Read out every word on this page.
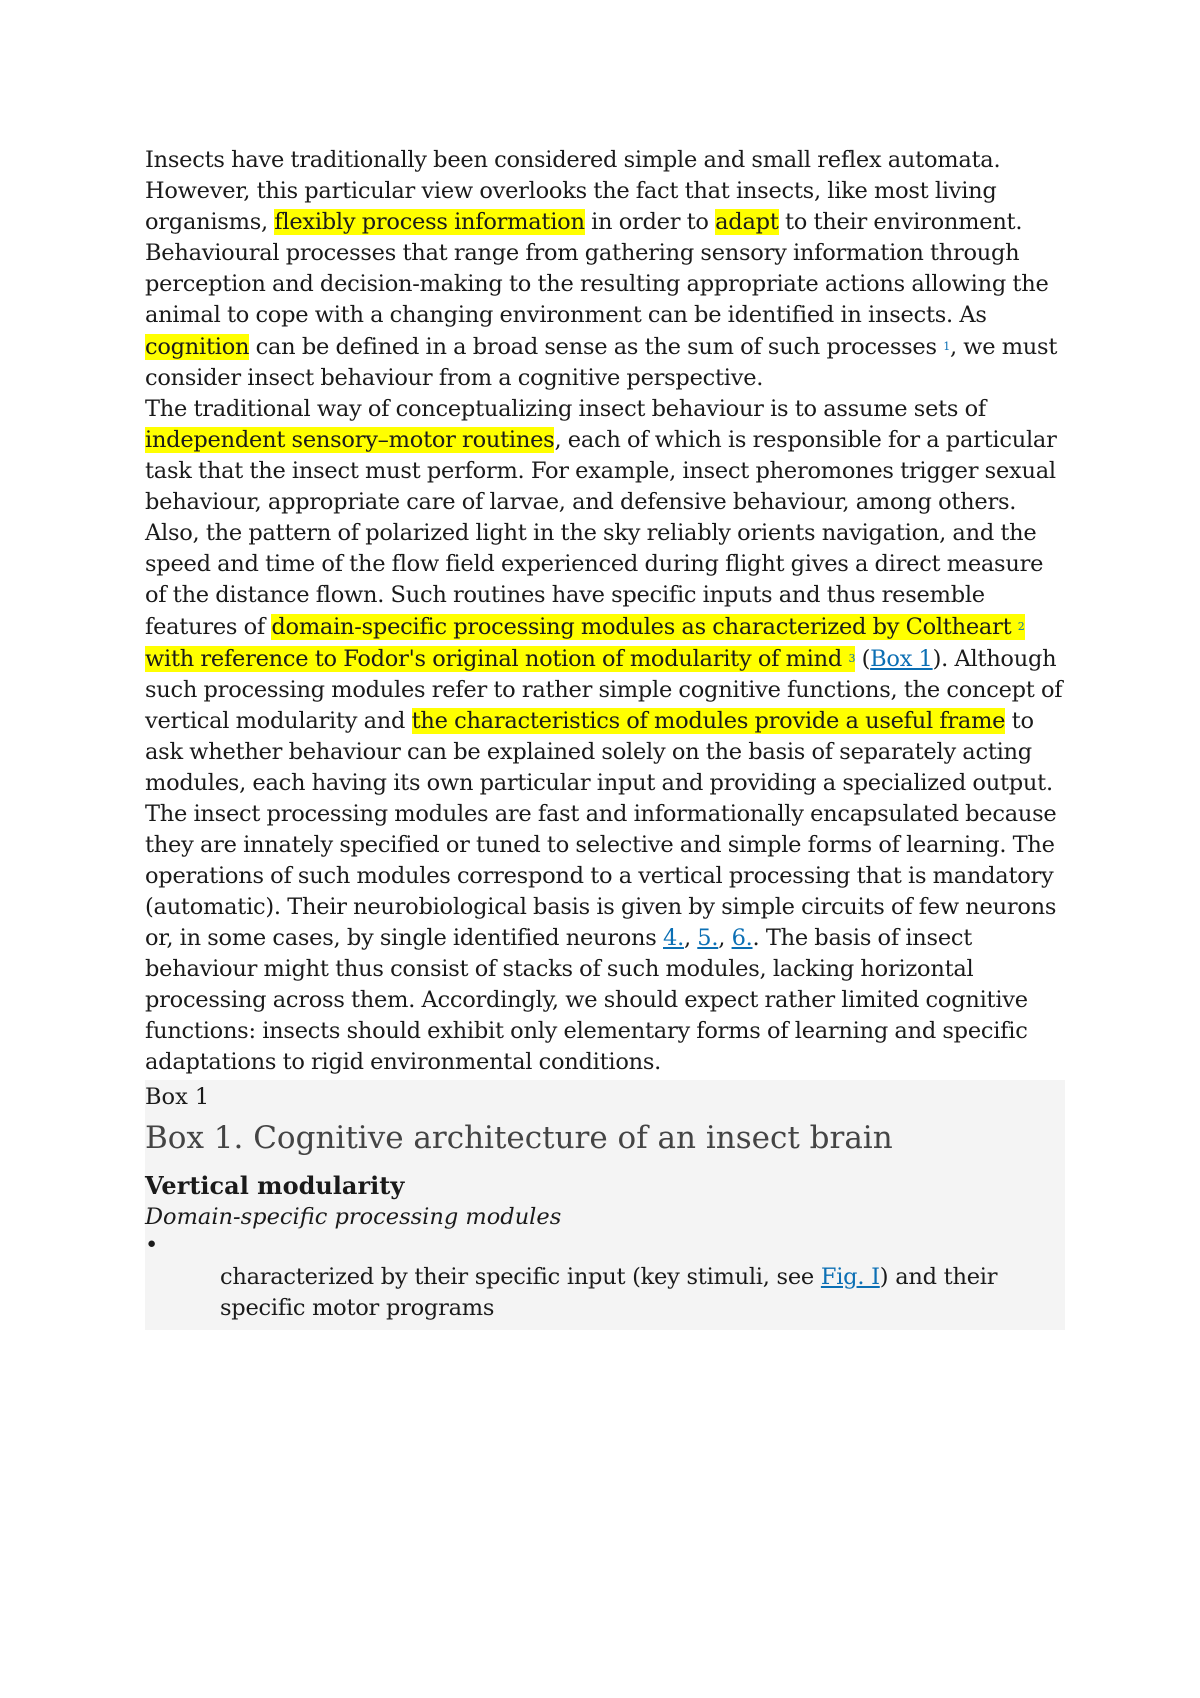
Insects have traditionally been considered simple and small reflex automata. However, this particular view overlooks the fact that insects, like most living organisms, flexibly process information in order to adapt to their environment. Behavioural processes that range from gathering sensory information through perception and decision-making to the resulting appropriate actions allowing the animal to cope with a changing environment can be identified in insects. As cognition can be defined in a broad sense as the sum of such processes 1, we must consider insect behaviour from a cognitive perspective.

The traditional way of conceptualizing insect behaviour is to assume sets of independent sensory–motor routines, each of which is responsible for a particular task that the insect must perform. For example, insect pheromones trigger sexual behaviour, appropriate care of larvae, and defensive behaviour, among others. Also, the pattern of polarized light in the sky reliably orients navigation, and the speed and time of the flow field experienced during flight gives a direct measure of the distance flown. Such routines have specific inputs and thus resemble features of domain-specific processing modules as characterized by Coltheart 2 with reference to Fodor's original notion of modularity of mind 3 (Box 1). Although such processing modules refer to rather simple cognitive functions, the concept of vertical modularity and the characteristics of modules provide a useful frame to ask whether behaviour can be explained solely on the basis of separately acting modules, each having its own particular input and providing a specialized output. The insect processing modules are fast and informationally encapsulated because they are innately specified or tuned to selective and simple forms of learning. The operations of such modules correspond to a vertical processing that is mandatory (automatic). Their neurobiological basis is given by simple circuits of few neurons or, in some cases, by single identified neurons 4., 5., 6.. The basis of insect behaviour might thus consist of stacks of such modules, lacking horizontal processing across them. Accordingly, we should expect rather limited cognitive functions: insects should exhibit only elementary forms of learning and specific adaptations to rigid environmental conditions.

Box 1
Box 1. Cognitive architecture of an insect brain
Vertical modularity
Domain-specific processing modules
•
characterized by their specific input (key stimuli, see Fig. I) and their specific motor programs
